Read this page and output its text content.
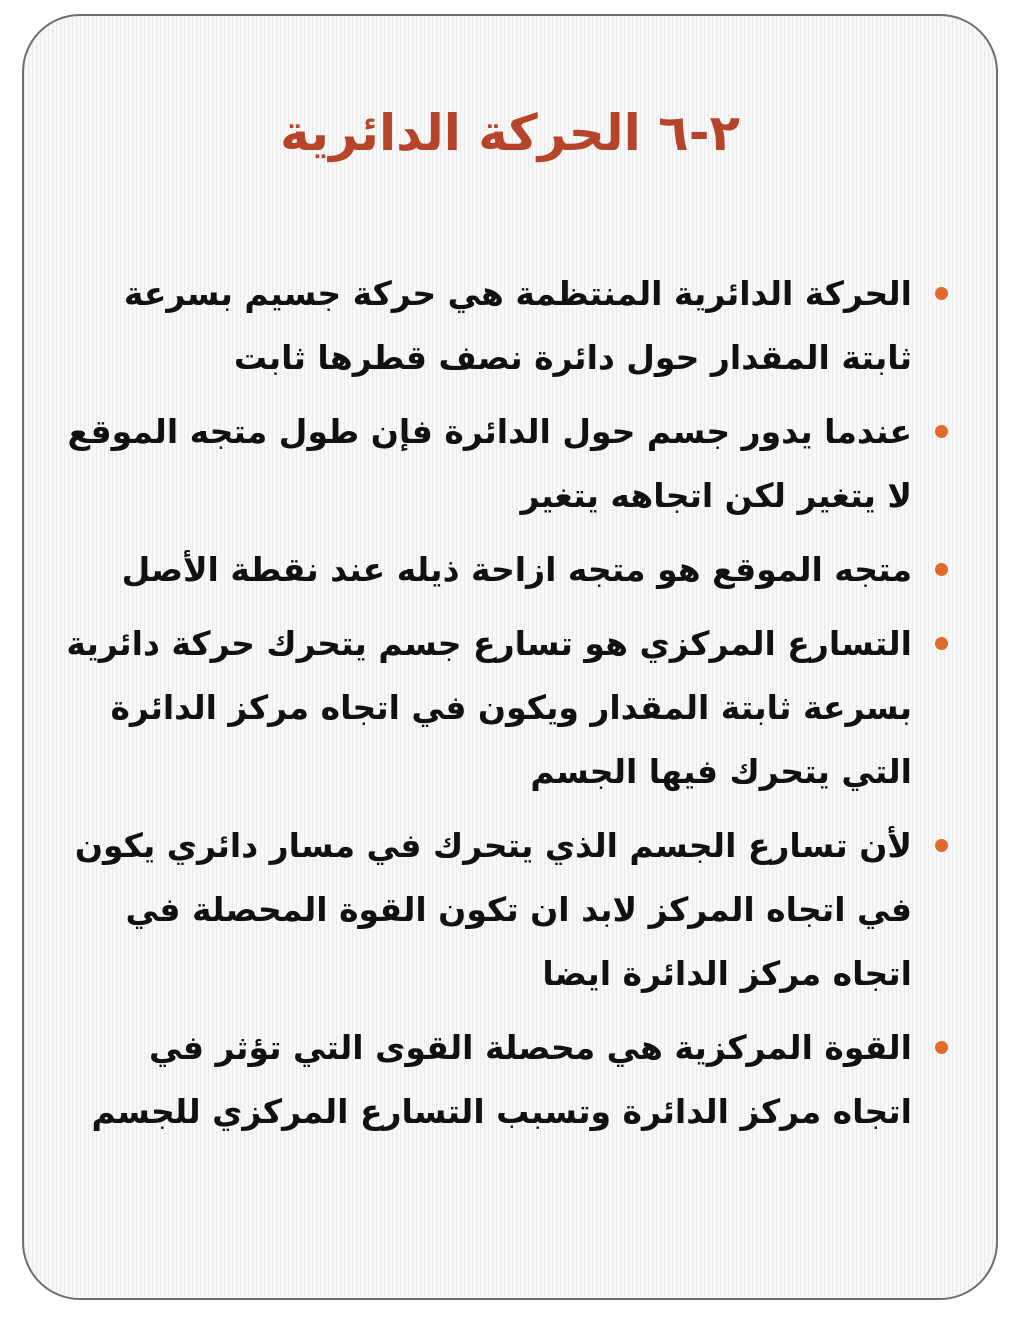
٢-٦ الحركة الدائرية
الحركة الدائرية المنتظمة هي حركة جسيم بسرعة ثابتة المقدار حول دائرة نصف قطرها ثابت
عندما يدور جسم حول الدائرة فإن طول متجه الموقع لا يتغير لكن اتجاهه يتغير
متجه الموقع هو متجه ازاحة ذيله عند نقطة الأصل
التسارع المركزي هو تسارع جسم يتحرك حركة دائرية بسرعة ثابتة المقدار ويكون في اتجاه مركز الدائرة التي يتحرك فيها الجسم
لأن تسارع الجسم الذي يتحرك في مسار دائري يكون في اتجاه المركز لابد ان تكون القوة المحصلة في اتجاه مركز الدائرة ايضا
القوة المركزية هي محصلة القوى التي تؤثر في اتجاه مركز الدائرة وتسبب التسارع المركزي للجسم
